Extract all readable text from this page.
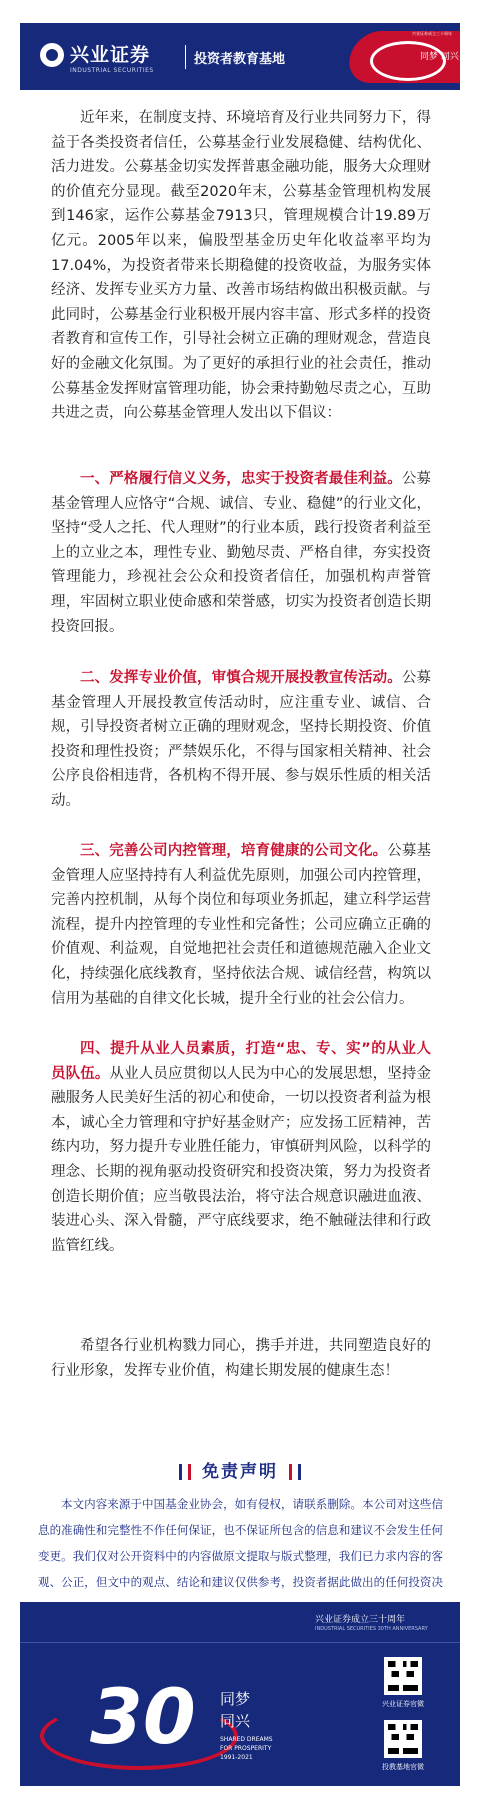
兴业证券
INDUSTRIAL SECURITIES
投资者教育基地	同梦 同兴
兴业证券成立三十周年
近年来，在制度支持、环境培育及行业共同努力下，得益于各类投资者信任，公募基金行业发展稳健、结构优化、活力进发。公募基金切实发挥普惠金融功能，服务大众理财的价值充分显现。截至2020年末，公募基金管理机构发展到146家，运作公募基金7913只，管理规模合计19.89万亿元。2005年以来，偏股型基金历史年化收益率平均为17.04%，为投资者带来长期稳健的投资收益，为服务实体经济、发挥专业买方力量、改善市场结构做出积极贡献。与此同时，公募基金行业积极开展内容丰富、形式多样的投资者教育和宣传工作，引导社会树立正确的理财观念，营造良好的金融文化氛围。为了更好的承担行业的社会责任，推动公募基金发挥财富管理功能，协会秉持勤勉尽责之心，互助共进之责，向公募基金管理人发出以下倡议：
一、严格履行信义义务，忠实于投资者最佳利益。公募基金管理人应恪守“合规、诚信、专业、稳健”的行业文化，坚持“受人之托、代人理财”的行业本质，践行投资者利益至上的立业之本，理性专业、勤勉尽责、严格自律，夯实投资管理能力，珍视社会公众和投资者信任，加强机构声誉管理，牢固树立职业使命感和荣誉感，切实为投资者创造长期投资回报。
二、发挥专业价值，审慎合规开展投教宣传活动。公募基金管理人开展投教宣传活动时，应注重专业、诚信、合规，引导投资者树立正确的理财观念，坚持长期投资、价值投资和理性投资；严禁娱乐化，不得与国家相关精神、社会公序良俗相违背，各机构不得开展、参与娱乐性质的相关活动。
三、完善公司内控管理，培育健康的公司文化。公募基金管理人应坚持持有人利益优先原则，加强公司内控管理，完善内控机制，从每个岗位和每项业务抓起，建立科学运营流程，提升内控管理的专业性和完备性；公司应确立正确的价值观、利益观，自觉地把社会责任和道德规范融入企业文化，持续强化底线教育，坚持依法合规、诚信经营，构筑以信用为基础的自律文化长城，提升全行业的社会公信力。
四、提升从业人员素质，打造“忠、专、实”的从业人员队伍。从业人员应贯彻以人民为中心的发展思想，坚持金融服务人民美好生活的初心和使命，一切以投资者利益为根本，诚心全力管理和守护好基金财产；应发扬工匠精神，苦练内功，努力提升专业胜任能力，审慎研判风险，以科学的理念、长期的视角驱动投资研究和投资决策，努力为投资者创造长期价值；应当敬畏法治，将守法合规意识融进血液、装进心头、深入骨髓，严守底线要求，绝不触碰法律和行政监管红线。
希望各行业机构戮力同心，携手并进，共同塑造良好的行业形象，发挥专业价值，构建长期发展的健康生态！
免责声明
本文内容来源于中国基金业协会，如有侵权，请联系删除。本公司对这些信息的准确性和完整性不作任何保证，也不保证所包含的信息和建议不会发生任何变更。我们仅对公开资料中的内容做原文提取与版式整理，我们已力求内容的客观、公正，但文中的观点、结论和建议仅供参考，投资者据此做出的任何投资决
兴业证券成立三十周年
INDUSTRIAL SECURITIES 30TH ANNIVERSARY
30 同梦
同兴
SHARED DREAMS
FOR PROSPERITY
1991-2021
兴业证券官微
投教基地官微
